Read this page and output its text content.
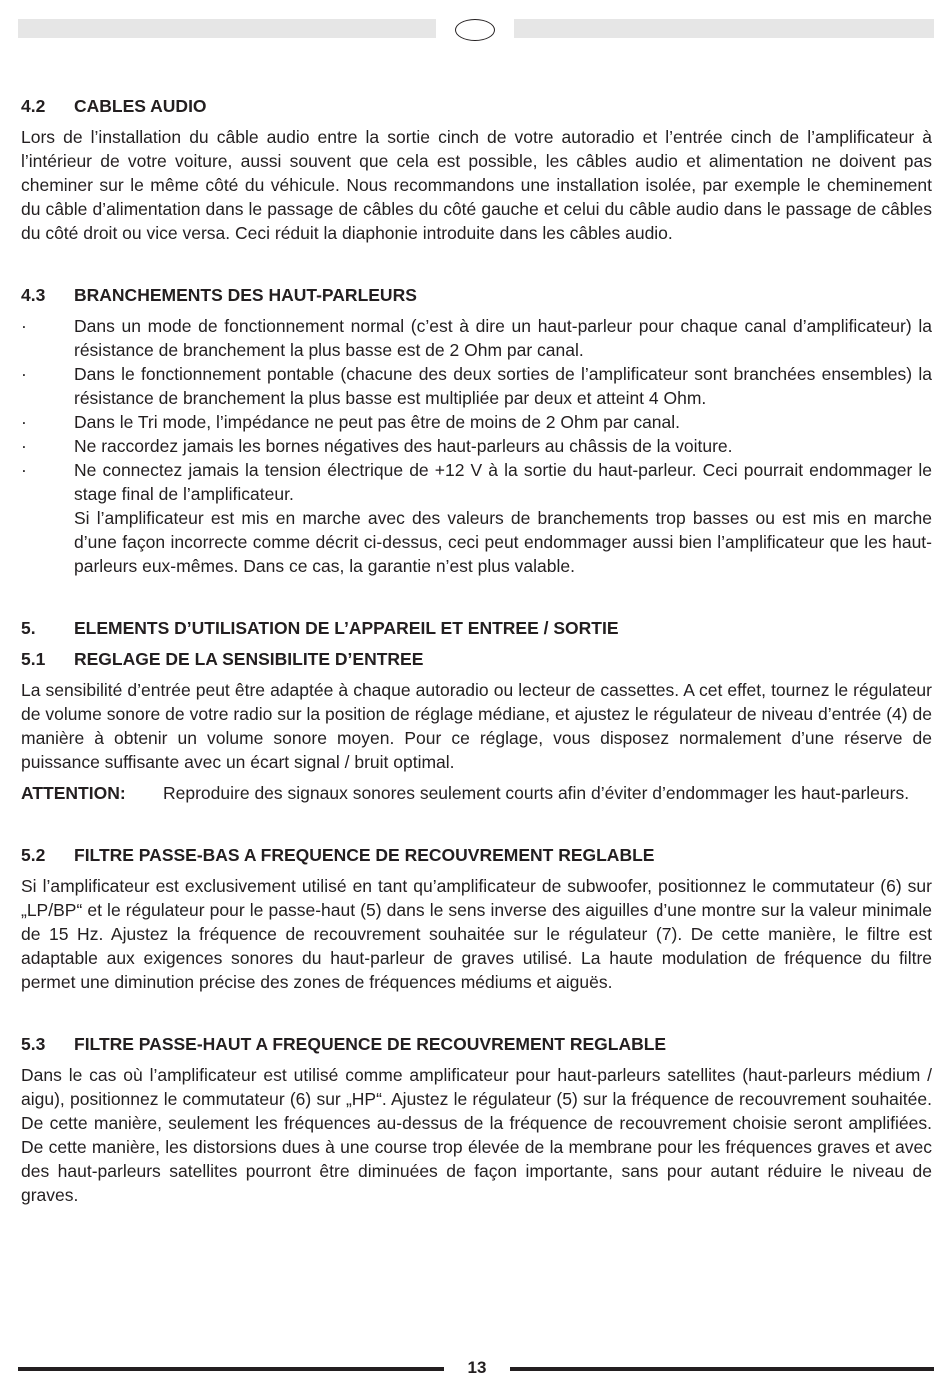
4.2	CABLES AUDIO

Lors de l’installation du câble audio entre la sortie cinch de votre autoradio et l’entrée cinch de l’amplificateur à l’intérieur de votre voiture, aussi souvent que cela est possible, les câbles audio et alimentation ne doivent pas cheminer sur le même côté du véhicule. Nous recommandons une installation isolée, par exemple le cheminement du câble d’alimentation dans le passage de câbles du côté gauche et celui du câble audio dans le passage de câbles du côté droit ou vice versa. Ceci réduit la diaphonie introduite dans les câbles audio.

4.3	BRANCHEMENTS DES HAUT-PARLEURS
·	Dans un mode de fonctionnement normal (c’est à dire un haut-parleur pour chaque canal d’amplificateur) la résistance de branchement la plus basse est de 2 Ohm par canal.
·	Dans le fonctionnement pontable (chacune des deux sorties de l’amplificateur sont branchées ensembles) la résistance de branchement la plus basse est multipliée par deux et atteint 4 Ohm.
·	Dans le Tri mode, l’impédance ne peut pas être de moins de 2 Ohm par canal.
·	Ne raccordez jamais les bornes négatives des haut-parleurs au châssis de la voiture.
·	Ne connectez jamais la tension électrique de +12 V à la sortie du haut-parleur. Ceci pourrait endommager le stage final de l’amplificateur.
Si l’amplificateur est mis en marche avec des valeurs de branchements trop basses ou est mis en marche d’une façon incorrecte comme décrit ci-dessus, ceci peut endommager aussi bien l’amplificateur que les haut-parleurs eux-mêmes. Dans ce cas, la garantie n’est plus valable.
5.	ELEMENTS D’UTILISATION DE L’APPAREIL ET ENTREE / SORTIE
5.1	REGLAGE DE LA SENSIBILITE D’ENTREE

La sensibilité d’entrée peut être adaptée à chaque autoradio ou lecteur de cassettes. A cet effet, tournez le régulateur de volume sonore de votre radio sur la position de réglage médiane, et ajustez le régulateur de niveau d’entrée (4) de manière à obtenir un volume sonore moyen. Pour ce réglage, vous disposez normalement d’une réserve de puissance suffisante avec un écart signal / bruit optimal.

ATTENTION:	Reproduire des signaux sonores seulement courts afin d’éviter d’endommager les haut-parleurs.
5.2	FILTRE PASSE-BAS A FREQUENCE DE RECOUVREMENT REGLABLE

Si l’amplificateur est exclusivement utilisé en tant qu’amplificateur de subwoofer, positionnez le commutateur (6) sur „LP/BP“ et le régulateur pour le passe-haut (5) dans le sens inverse des aiguilles d’une montre sur la valeur minimale de 15 Hz. Ajustez la fréquence de recouvrement souhaitée sur le régulateur (7). De cette manière, le filtre est adaptable aux exigences sonores du haut-parleur de graves utilisé. La haute modulation de fréquence du filtre permet une diminution précise des zones de fréquences médiums et aiguës.

5.3	FILTRE PASSE-HAUT A FREQUENCE DE RECOUVREMENT REGLABLE

Dans le cas où l’amplificateur est utilisé comme amplificateur pour haut-parleurs satellites (haut-parleurs médium / aigu), positionnez le commutateur (6) sur „HP“. Ajustez le régulateur (5) sur la fréquence de recouvrement souhaitée. De cette manière, seulement les fréquences au-dessus de la fréquence de recouvrement choisie seront amplifiées. De cette manière, les distorsions dues à une course trop élevée de la membrane pour les fréquences graves et avec des haut-parleurs satellites pourront être diminuées de façon importante, sans pour autant réduire le niveau de graves.

13
